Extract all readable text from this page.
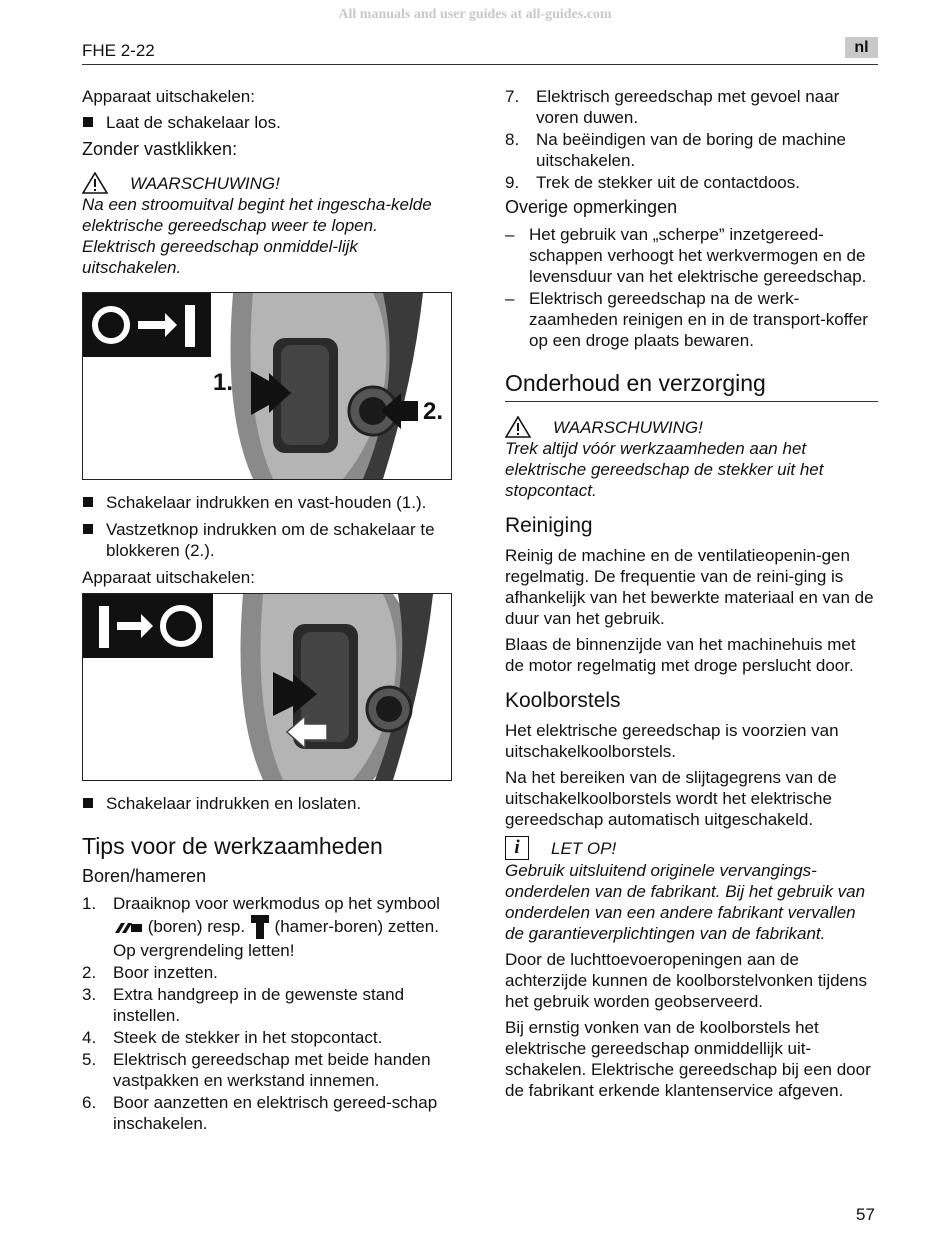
All manuals and user guides at all-guides.com
FHE 2-22	nl

Apparaat uitschakelen:

Laat de schakelaar los.

Zonder vastklikken:

WAARSCHUWING!

Na een stroomuitval begint het ingescha-kelde elektrische gereedschap weer te lopen. Elektrisch gereedschap onmiddel-lijk uitschakelen.

1.
2.
Schakelaar indrukken en vast-houden (1.).
Vastzetknop indrukken om de schakelaar te blokkeren (2.).

Apparaat uitschakelen:

Schakelaar indrukken en loslaten.
Tips voor de werkzaamheden

Boren/hameren

1. Draaiknop voor werkmodus op het symbool  (boren) resp. (hamer-boren) zetten. Op vergrendeling letten!
2. Boor inzetten.
3. Extra handgreep in de gewenste stand instellen.
4. Steek de stekker in het stopcontact.
5. Elektrisch gereedschap met beide handen vastpakken en werkstand innemen.
6. Boor aanzetten en elektrisch gereed-schap inschakelen.
7. Elektrisch gereedschap met gevoel naar voren duwen.
8. Na beëindigen van de boring de machine uitschakelen.
9. Trek de stekker uit de contactdoos.

Overige opmerkingen

– Het gebruik van „scherpe” inzetgereed-schappen verhoogt het werkvermogen en de levensduur van het elektrische gereedschap.
– Elektrisch gereedschap na de werk-zaamheden reinigen en in de transport-koffer op een droge plaats bewaren.
Onderhoud en verzorging
WAARSCHUWING!

Trek altijd vóór werkzaamheden aan het elektrische gereedschap de stekker uit het stopcontact.

Reiniging

Reinig de machine en de ventilatieopenin-gen regelmatig. De frequentie van de reini-ging is afhankelijk van het bewerkte materiaal en van de duur van het gebruik.

Blaas de binnenzijde van het machinehuis met de motor regelmatig met droge perslucht door.

Koolborstels

Het elektrische gereedschap is voorzien van uitschakelkoolborstels.

Na het bereiken van de slijtagegrens van de uitschakelkoolborstels wordt het elektrische gereedschap automatisch uitgeschakeld.

i	LET OP!

Gebruik uitsluitend originele vervangings-onderdelen van de fabrikant. Bij het gebruik van onderdelen van een andere fabrikant vervallen de garantieverplichtingen van de fabrikant.

Door de luchttoevoeropeningen aan de achterzijde kunnen de koolborstelvonken tijdens het gebruik worden geobserveerd.

Bij ernstig vonken van de koolborstels het elektrische gereedschap onmiddellijk uit-schakelen. Elektrische gereedschap bij een door de fabrikant erkende klantenservice afgeven.

57
